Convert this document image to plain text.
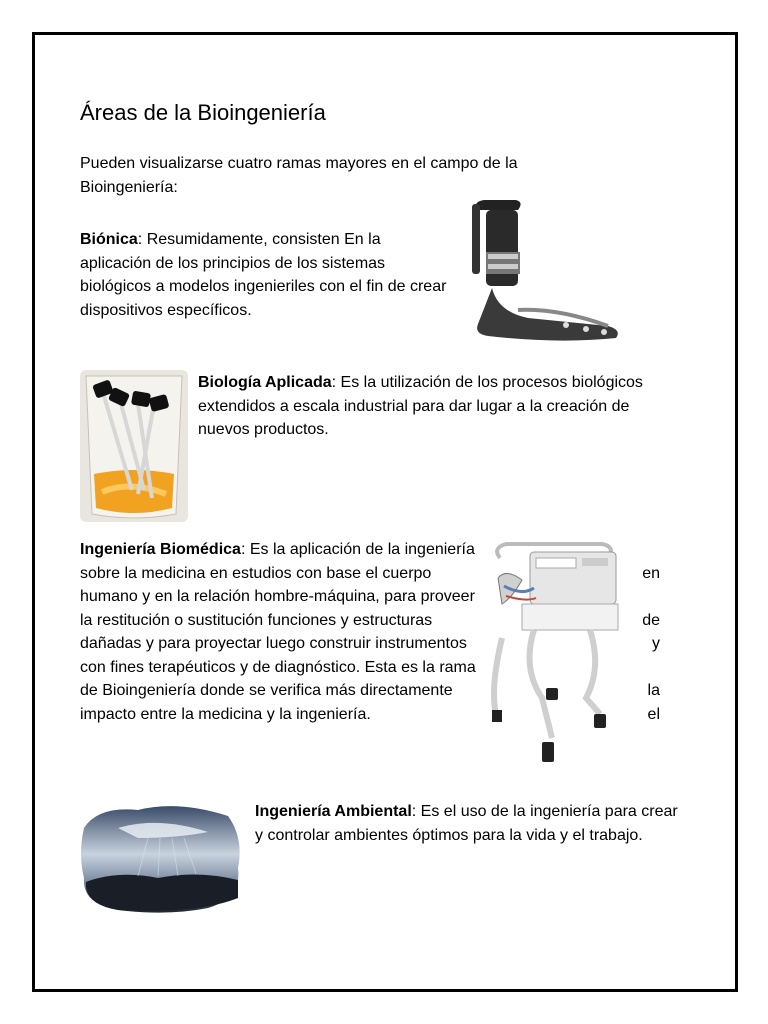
Áreas de la Bioingeniería

Pueden visualizarse cuatro ramas mayores en el campo de la Bioingeniería:

Biónica: Resumidamente, consisten En la aplicación de los principios de los sistemas biológicos a modelos ingenieriles con el fin de crear dispositivos específicos.

Biología Aplicada: Es la utilización de los procesos biológicos extendidos a escala industrial para dar lugar a la creación de nuevos productos.

Ingeniería Biomédica: Es la aplicación de la ingeniería sobre la medicina en estudios con base el cuerpo humano y en la relación hombre-máquina, para proveer la restitución o sustitución funciones y estructuras dañadas y para proyectar luego construir instrumentos con fines terapéuticos y de diagnóstico. Esta es la rama de Bioingeniería donde se verifica más directamente impacto entre la medicina y la ingeniería.

en
de
y
la
el

Ingeniería Ambiental: Es el uso de la ingeniería para crear y controlar ambientes óptimos para la vida y el trabajo.
